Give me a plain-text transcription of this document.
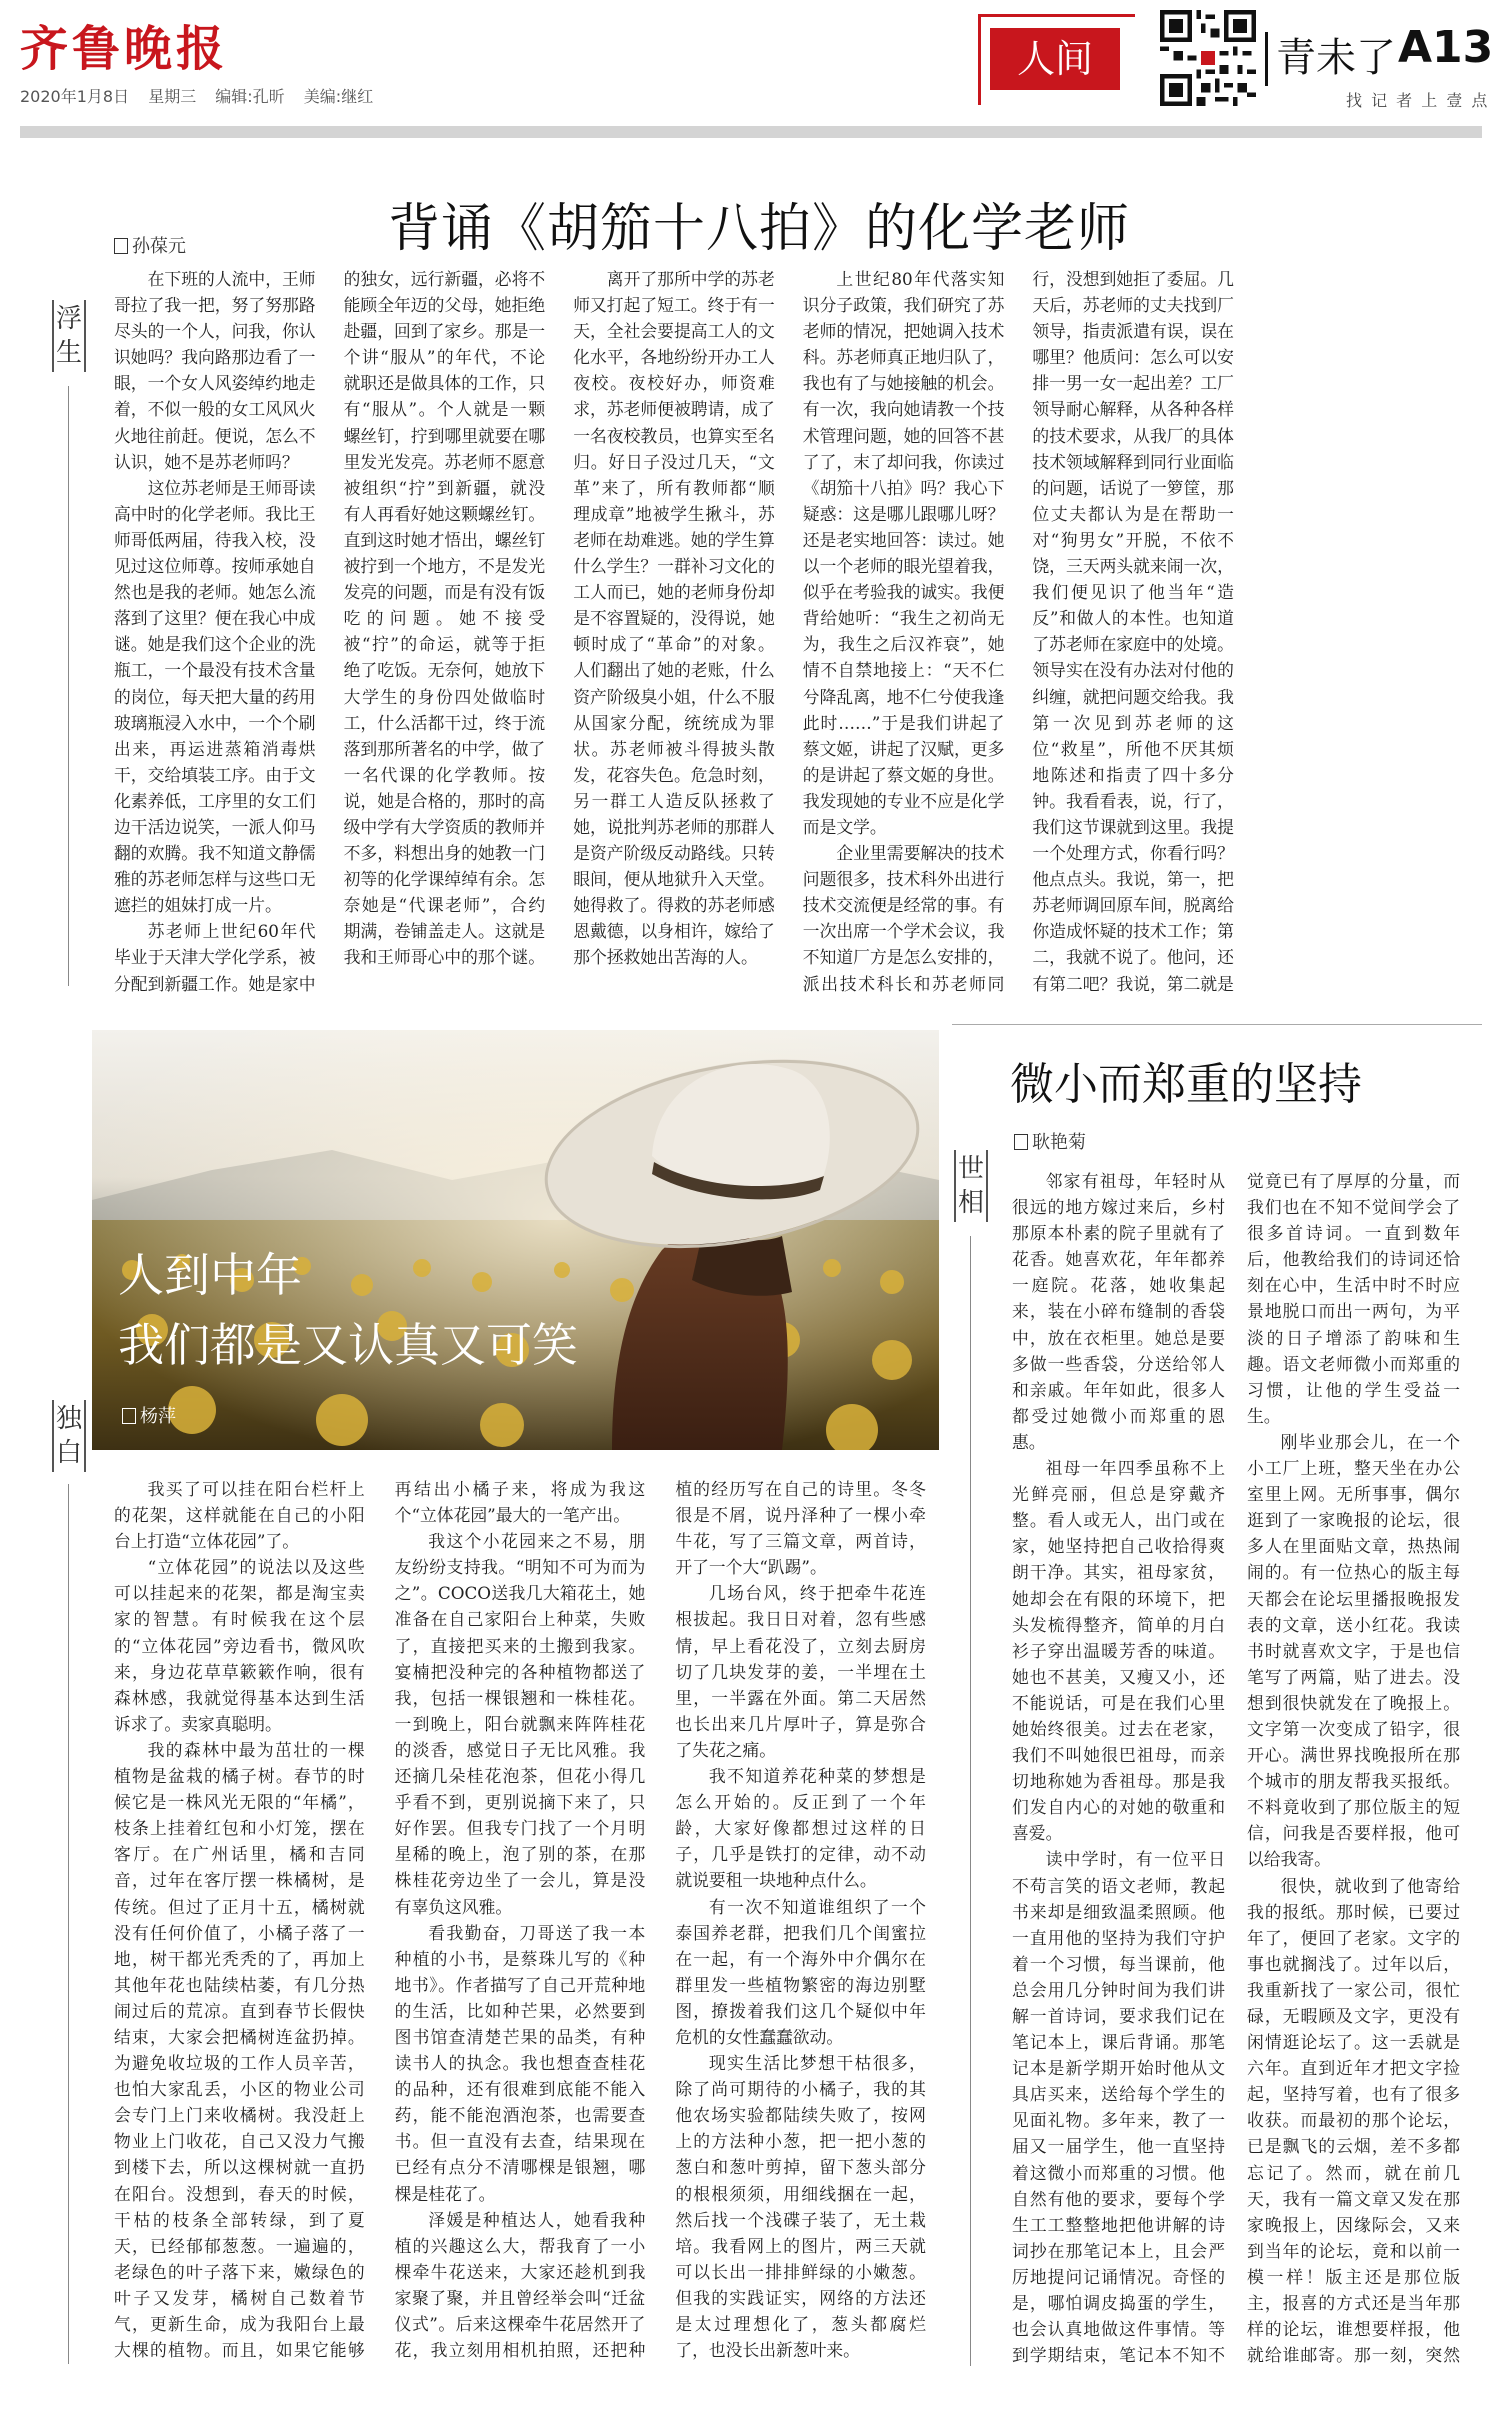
齐鲁晚报
2020年1月8日 星期三 编辑:孔昕 美编:继红
人间	青未了 A13
找 记 者 上 壹 点
背诵《胡笳十八拍》的化学老师
孙葆元
浮生

在下班的人流中，王师哥拉了我一把，努了努那路尽头的一个人，问我，你认识她吗？我向路那边看了一眼，一个女人风姿绰约地走着，不似一般的女工风风火火地往前赶。便说，怎么不认识，她不是苏老师吗？

这位苏老师是王师哥读高中时的化学老师。我比王师哥低两届，待我入校，没见过这位师尊。按师承她自然也是我的老师。她怎么流落到了这里？便在我心中成谜。她是我们这个企业的洗瓶工，一个最没有技术含量的岗位，每天把大量的药用玻璃瓶浸入水中，一个个刷出来，再运进蒸箱消毒烘干，交给填装工序。由于文化素养低，工序里的女工们边干活边说笑，一派人仰马翻的欢腾。我不知道文静儒雅的苏老师怎样与这些口无遮拦的姐妹打成一片。

苏老师上世纪60年代毕业于天津大学化学系，被分配到新疆工作。她是家中的独女，远行新疆，必将不能顾全年迈的父母，她拒绝赴疆，回到了家乡。那是一个讲“服从”的年代，不论就职还是做具体的工作，只有“服从”。个人就是一颗螺丝钉，拧到哪里就要在哪里发光发亮。苏老师不愿意被组织“拧”到新疆，就没有人再看好她这颗螺丝钉。直到这时她才悟出，螺丝钉被拧到一个地方，不是发光发亮的问题，而是有没有饭吃的问题。她不接受被“拧”的命运，就等于拒绝了吃饭。无奈何，她放下大学生的身份四处做临时工，什么活都干过，终于流落到那所著名的中学，做了一名代课的化学教师。按说，她是合格的，那时的高级中学有大学资质的教师并不多，料想出身的她教一门初等的化学课绰绰有余。怎奈她是“代课老师”，合约期满，卷铺盖走人。这就是我和王师哥心中的那个谜。

离开了那所中学的苏老师又打起了短工。终于有一天，全社会要提高工人的文化水平，各地纷纷开办工人夜校。夜校好办，师资难求，苏老师便被聘请，成了一名夜校教员，也算实至名归。好日子没过几天，“文革”来了，所有教师都“顺理成章”地被学生揪斗，苏老师在劫难逃。她的学生算什么学生？一群补习文化的工人而已，她的老师身份却是不容置疑的，没得说，她顿时成了“革命”的对象。人们翻出了她的老账，什么资产阶级臭小姐，什么不服从国家分配，统统成为罪状。苏老师被斗得披头散发，花容失色。危急时刻，另一群工人造反队拯救了她，说批判苏老师的那群人是资产阶级反动路线。只转眼间，便从地狱升入天堂。她得救了。得救的苏老师感恩戴德，以身相许，嫁给了那个拯救她出苦海的人。

上世纪80年代落实知识分子政策，我们研究了苏老师的情况，把她调入技术科。苏老师真正地归队了，我也有了与她接触的机会。有一次，我向她请教一个技术管理问题，她的回答不甚了了，末了却问我，你读过《胡笳十八拍》吗？我心下疑惑：这是哪儿跟哪儿呀？还是老实地回答：读过。她以一个老师的眼光望着我，似乎在考验我的诚实。我便背给她听：“我生之初尚无为，我生之后汉祚衰”，她情不自禁地接上：“天不仁兮降乱离，地不仁兮使我逢此时……”于是我们讲起了蔡文姬，讲起了汉赋，更多的是讲起了蔡文姬的身世。我发现她的专业不应是化学而是文学。

企业里需要解决的技术问题很多，技术科外出进行技术交流便是经常的事。有一次出席一个学术会议，我不知道厂方是怎么安排的，派出技术科长和苏老师同行，没想到她拒了委屈。几天后，苏老师的丈夫找到厂领导，指责派遣有误，误在哪里？他质问：怎么可以安排一男一女一起出差？工厂领导耐心解释，从各种各样的技术要求，从我厂的具体技术领域解释到同行业面临的问题，话说了一箩筐，那位丈夫都认为是在帮助一对“狗男女”开脱，不依不饶，三天两头就来闹一次，我们便见识了他当年“造反”和做人的本性。也知道了苏老师在家庭中的处境。领导实在没有办法对付他的纠缠，就把问题交给我。我第一次见到苏老师的这位“救星”，所他不厌其烦地陈述和指责了四十多分钟。我看看表，说，行了，我们这节课就到这里。我提一个处理方式，你看行吗？他点点头。我说，第一，把苏老师调回原车间，脱离给你造成怀疑的技术工作；第二，我就不说了。他问，还有第二吧？我说，第二就是

人到中年
我们都是又认真又可笑
杨萍
独白

我买了可以挂在阳台栏杆上的花架，这样就能在自己的小阳台上打造“立体花园”了。

“立体花园”的说法以及这些可以挂起来的花架，都是淘宝卖家的智慧。有时候我在这个层的“立体花园”旁边看书，微风吹来，身边花草草簌簌作响，很有森林感，我就觉得基本达到生活诉求了。卖家真聪明。

我的森林中最为茁壮的一棵植物是盆栽的橘子树。春节的时候它是一株风光无限的“年橘”，枝条上挂着红包和小灯笼，摆在客厅。在广州话里，橘和吉同音，过年在客厅摆一株橘树，是传统。但过了正月十五，橘树就没有任何价值了，小橘子落了一地，树干都光秃秃的了，再加上其他年花也陆续枯萎，有几分热闹过后的荒凉。直到春节长假快结束，大家会把橘树连盆扔掉。为避免收垃圾的工作人员辛苦，也怕大家乱丢，小区的物业公司会专门上门来收橘树。我没赶上物业上门收花，自己又没力气搬到楼下去，所以这棵树就一直扔在阳台。没想到，春天的时候，干枯的枝条全部转绿，到了夏天，已经郁郁葱葱。一遍遍的，老绿色的叶子落下来，嫩绿色的叶子又发芽，橘树自己数着节气，更新生命，成为我阳台上最大棵的植物。而且，如果它能够再结出小橘子来，将成为我这个“立体花园”最大的一笔产出。

我这个小花园来之不易，朋友纷纷支持我。“明知不可为而为之”。COCO送我几大箱花土，她准备在自己家阳台上种菜，失败了，直接把买来的土搬到我家。宴楠把没种完的各种植物都送了我，包括一棵银翘和一株桂花。一到晚上，阳台就飘来阵阵桂花的淡香，感觉日子无比风雅。我还摘几朵桂花泡茶，但花小得几乎看不到，更别说摘下来了，只好作罢。但我专门找了一个月明星稀的晚上，泡了别的茶，在那株桂花旁边坐了一会儿，算是没有辜负这风雅。

看我勤奋，刀哥送了我一本种植的小书，是蔡珠儿写的《种地书》。作者描写了自己开荒种地的生活，比如种芒果，必然要到图书馆查清楚芒果的品类，有种读书人的执念。我也想查查桂花的品种，还有很难到底能不能入药，能不能泡酒泡茶，也需要查书。但一直没有去查，结果现在已经有点分不清哪棵是银翘，哪棵是桂花了。

泽媛是种植达人，她看我种植的兴趣这么大，帮我育了一小棵牵牛花送来，大家还趁机到我家聚了聚，并且曾经举会叫“迁盆仪式”。后来这棵牵牛花居然开了花，我立刻用相机拍照，还把种植的经历写在自己的诗里。冬冬很是不屑，说丹泽种了一棵小牵牛花，写了三篇文章，两首诗，开了一个大“趴踢”。

几场台风，终于把牵牛花连根拔起。我日日对着，忽有些感情，早上看花没了，立刻去厨房切了几块发芽的姜，一半埋在土里，一半露在外面。第二天居然也长出来几片厚叶子，算是弥合了失花之痛。

我不知道养花种菜的梦想是怎么开始的。反正到了一个年龄，大家好像都想过这样的日子，几乎是铁打的定律，动不动就说要租一块地种点什么。

有一次不知道谁组织了一个泰国养老群，把我们几个闺蜜拉在一起，有一个海外中介偶尔在群里发一些植物繁密的海边别墅图，撩拨着我们这几个疑似中年危机的女性蠢蠢欲动。

现实生活比梦想干枯很多，除了尚可期待的小橘子，我的其他农场实验都陆续失败了，按网上的方法种小葱，把一把小葱的葱白和葱叶剪掉，留下葱头部分的根根须须，用细线捆在一起，然后找一个浅碟子装了，无土栽培。我看网上的图片，两三天就可以长出一排排鲜绿的小嫩葱。但我的实践证实，网络的方法还是太过理想化了，葱头都腐烂了，也没长出新葱叶来。

微小而郑重的坚持
耿艳菊
世相

邻家有祖母，年轻时从很远的地方嫁过来后，乡村那原本朴素的院子里就有了花香。她喜欢花，年年都养一庭院。花落，她收集起来，装在小碎布缝制的香袋中，放在衣柜里。她总是要多做一些香袋，分送给邻人和亲戚。年年如此，很多人都受过她微小而郑重的恩惠。

祖母一年四季虽称不上光鲜亮丽，但总是穿戴齐整。看人或无人，出门或在家，她坚持把自己收拾得爽朗干净。其实，祖母家贫，她却会在有限的环境下，把头发梳得整齐，简单的月白衫子穿出温暖芳香的味道。她也不甚美，又瘦又小，还不能说话，可是在我们心里她始终很美。过去在老家，我们不叫她很巴祖母，而亲切地称她为香祖母。那是我们发自内心的对她的敬重和喜爱。

读中学时，有一位平日不苟言笑的语文老师，教起书来却是细致温柔照顾。他一直用他的坚持为我们守护着一个习惯，每当课前，他总会用几分钟时间为我们讲解一首诗词，要求我们记在笔记本上，课后背诵。那笔记本是新学期开始时他从文具店买来，送给每个学生的见面礼物。多年来，教了一届又一届学生，他一直坚持着这微小而郑重的习惯。他自然有他的要求，要每个学生工工整整地把他讲解的诗词抄在那笔记本上，且会严厉地提问记诵情况。奇怪的是，哪怕调皮捣蛋的学生，也会认真地做这件事情。等到学期结束，笔记本不知不觉竟已有了厚厚的分量，而我们也在不知不觉间学会了很多首诗词。一直到数年后，他教给我们的诗词还恰刻在心中，生活中时不时应景地脱口而出一两句，为平淡的日子增添了韵味和生趣。语文老师微小而郑重的习惯，让他的学生受益一生。

刚毕业那会儿，在一个小工厂上班，整天坐在办公室里上网。无所事事，偶尔逛到了一家晚报的论坛，很多人在里面贴文章，热热闹闹的。有一位热心的版主每天都会在论坛里播报晚报发表的文章，送小红花。我读书时就喜欢文字，于是也信笔写了两篇，贴了进去。没想到很快就发在了晚报上。文字第一次变成了铅字，很开心。满世界找晚报所在那个城市的朋友帮我买报纸。不料竟收到了那位版主的短信，问我是否要样报，他可以给我寄。

很快，就收到了他寄给我的报纸。那时候，已要过年了，便回了老家。文字的事也就搁浅了。过年以后，我重新找了一家公司，很忙碌，无暇顾及文字，更没有闲情逛论坛了。这一丢就是六年。直到近年才把文字捡起，坚持写着，也有了很多收获。而最初的那个论坛，已是飘飞的云烟，差不多都忘记了。然而，就在前几天，我有一篇文章又发在那家晚报上，因缘际会，又来到当年的论坛，竟和以前一模一样！版主还是那位版主，报喜的方式还是当年那样的论坛，谁想要样报，他就给谁邮寄。那一刻，突然
